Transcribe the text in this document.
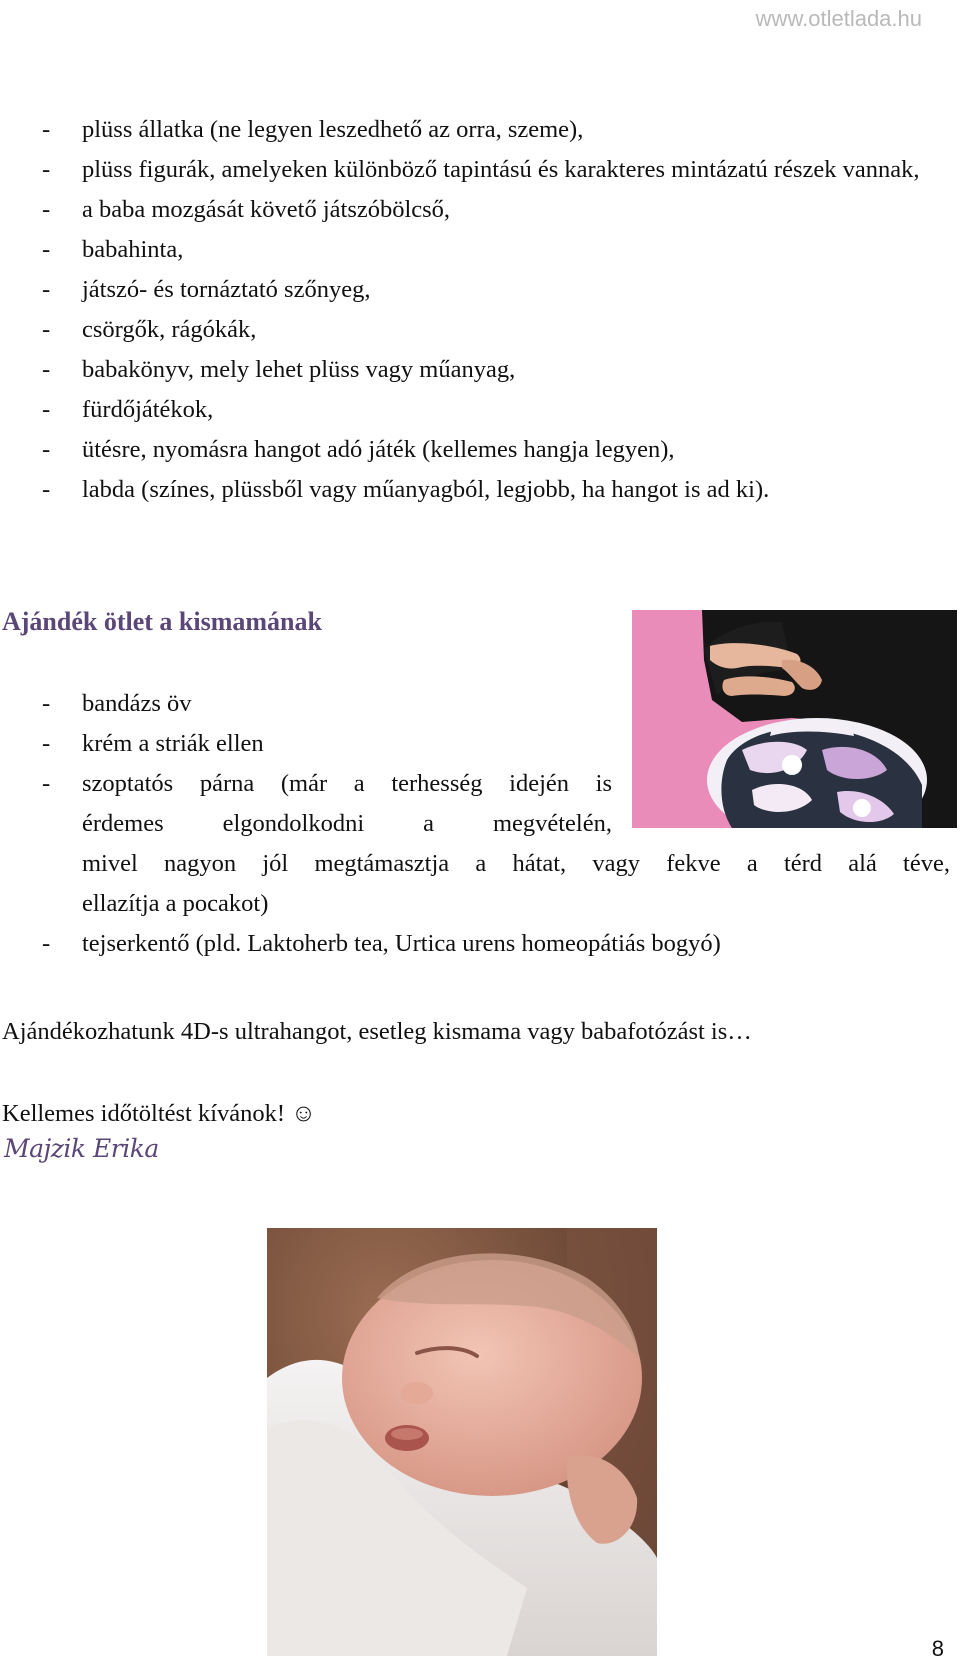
www.otletlada.hu
- plüss állatka (ne legyen leszedhető az orra, szeme),
- plüss figurák, amelyeken különböző tapintású és karakteres mintázatú részek vannak,
- a baba mozgását követő játszóbölcső,
- babahinta,
- játszó- és tornáztató szőnyeg,
- csörgők, rágókák,
- babakönyv, mely lehet plüss vagy műanyag,
- fürdőjátékok,
- ütésre, nyomásra hangot adó játék (kellemes hangja legyen),
- labda (színes, plüssből vagy műanyagból, legjobb, ha hangot is ad ki).
Ajándék ötlet a kismamának
- bandázs öv
- krém a striák ellen
- szoptatós párna (már a terhesség idején is
érdemes elgondolkodni a megvételén,
mivel nagyon jól megtámasztja a hátat, vagy fekve a térd alá téve,
ellazítja a pocakot)
- tejserkentő (pld. Laktoherb tea, Urtica urens homeopátiás bogyó)

Ajándékozhatunk 4D-s ultrahangot, esetleg kismama vagy babafotózást is…

Kellemes időtöltést kívánok! ☺

Majzik Erika
8
